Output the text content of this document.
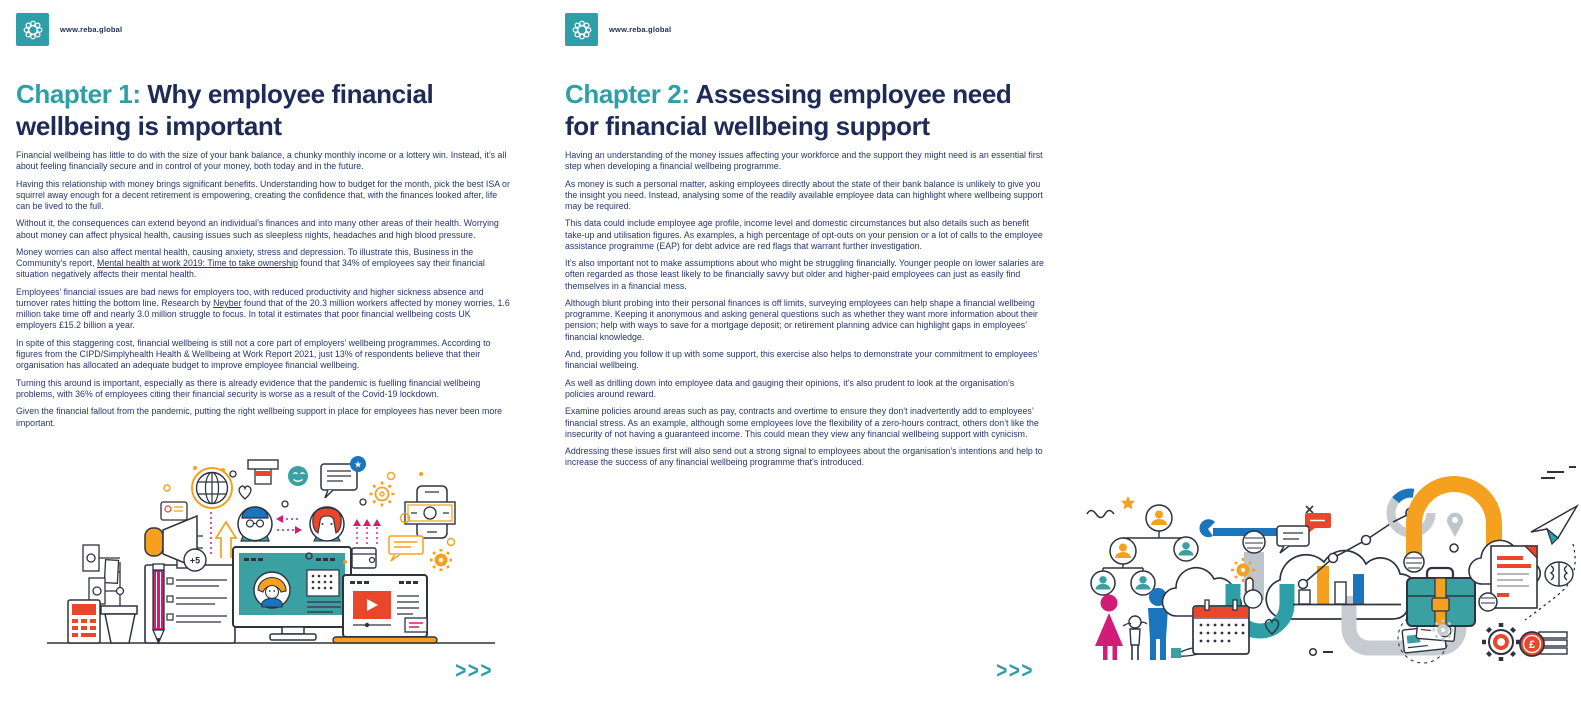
www.reba.global
Chapter 1: Why employee financial wellbeing is important

Financial wellbeing has little to do with the size of your bank balance, a chunky monthly income or a lottery win. Instead, it’s all about feeling financially secure and in control of your money, both today and in the future.

Having this relationship with money brings significant benefits. Understanding how to budget for the month, pick the best ISA or squirrel away enough for a decent retirement is empowering, creating the confidence that, with the finances looked after, life can be lived to the full.

Without it, the consequences can extend beyond an individual’s finances and into many other areas of their health. Worrying about money can affect physical health, causing issues such as sleepless nights, headaches and high blood pressure.

Money worries can also affect mental health, causing anxiety, stress and depression. To illustrate this, Business in the Community’s report, Mental health at work 2019: Time to take ownership found that 34% of employees say their financial situation negatively affects their mental health.

Employees’ financial issues are bad news for employers too, with reduced productivity and higher sickness absence and turnover rates hitting the bottom line. Research by Neyber found that of the 20.3 million workers affected by money worries, 1.6 million take time off and nearly 3.0 million struggle to focus. In total it estimates that poor financial wellbeing costs UK employers £15.2 billion a year.

In spite of this staggering cost, financial wellbeing is still not a core part of employers’ wellbeing programmes. According to figures from the CIPD/Simplyhealth Health & Wellbeing at Work Report 2021, just 13% of respondents believe that their organisation has allocated an adequate budget to improve employee financial wellbeing.

Turning this around is important, especially as there is already evidence that the pandemic is fuelling financial wellbeing problems, with 36% of employees citing their financial security is worse as a result of the Covid-19 lockdown.

Given the financial fallout from the pandemic, putting the right wellbeing support in place for employees has never been more important.

+5
★
>>>
www.reba.global
Chapter 2: Assessing employee need for financial wellbeing support

Having an understanding of the money issues affecting your workforce and the support they might need is an essential first step when developing a financial wellbeing programme.

As money is such a personal matter, asking employees directly about the state of their bank balance is unlikely to give you the insight you need. Instead, analysing some of the readily available employee data can highlight where wellbeing support may be required.

This data could include employee age profile, income level and domestic circumstances but also details such as benefit take-up and utilisation figures. As examples, a high percentage of opt-outs on your pension or a lot of calls to the employee assistance programme (EAP) for debt advice are red flags that warrant further investigation.

It’s also important not to make assumptions about who might be struggling financially. Younger people on lower salaries are often regarded as those least likely to be financially savvy but older and higher-paid employees can just as easily find themselves in a financial mess.

Although blunt probing into their personal finances is off limits, surveying employees can help shape a financial wellbeing programme. Keeping it anonymous and asking general questions such as whether they want more information about their pension; help with ways to save for a mortgage deposit; or retirement planning advice can highlight gaps in employees’ financial knowledge.

And, providing you follow it up with some support, this exercise also helps to demonstrate your commitment to employees’ financial wellbeing.

As well as drilling down into employee data and gauging their opinions, it’s also prudent to look at the organisation’s policies around reward.

Examine policies around areas such as pay, contracts and overtime to ensure they don’t inadvertently add to employees’ financial stress. As an example, although some employees love the flexibility of a zero-hours contract, others don’t like the insecurity of not having a guaranteed income. This could mean they view any financial wellbeing support with cynicism.

Addressing these issues first will also send out a strong signal to employees about the organisation’s intentions and help to increase the success of any financial wellbeing programme that’s introduced.

£
>>>
